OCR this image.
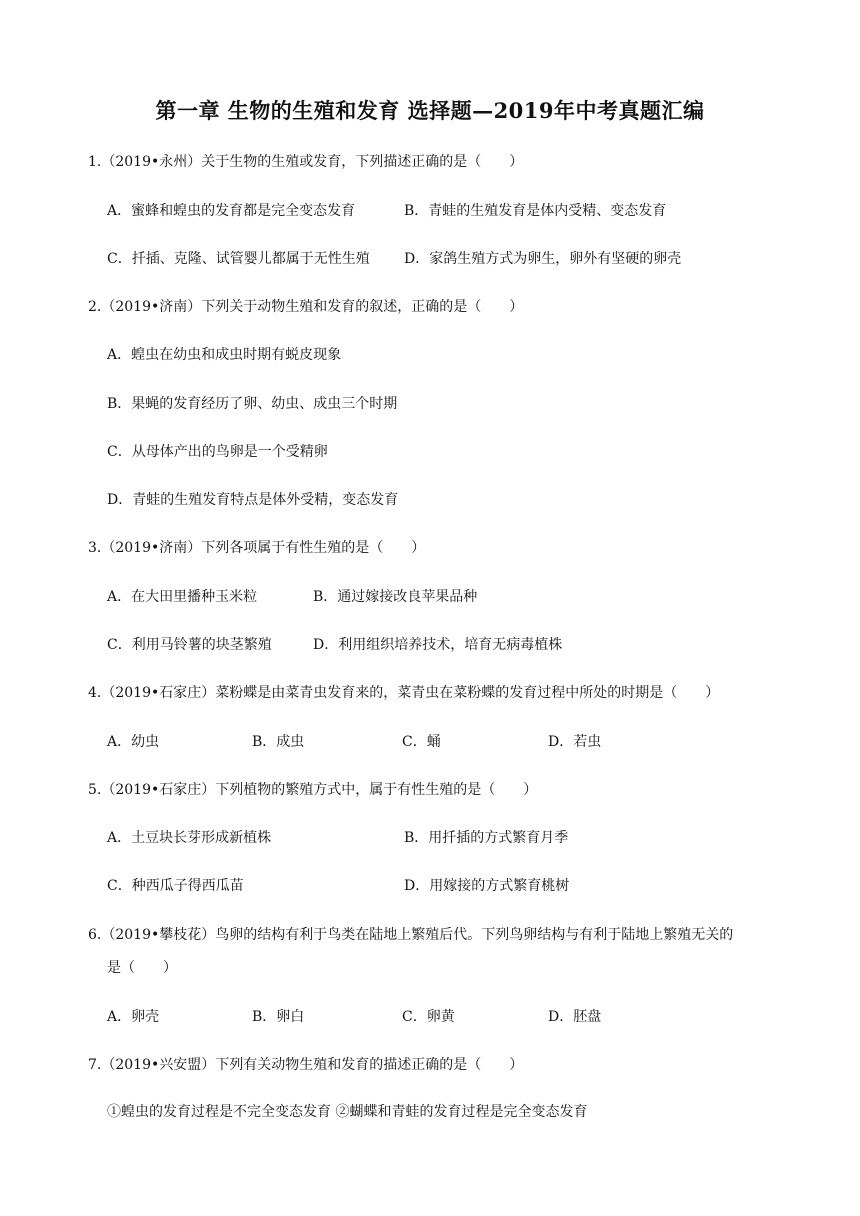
第一章 生物的生殖和发育 选择题—2019年中考真题汇编
1.（2019•永州）关于生物的生殖或发育，下列描述正确的是（　　）
A．蜜蜂和蝗虫的发育都是完全变态发育	B．青蛙的生殖发育是体内受精、变态发育
C．扦插、克隆、试管婴儿都属于无性生殖 D．家鸽生殖方式为卵生，卵外有坚硬的卵壳
2.（2019•济南）下列关于动物生殖和发育的叙述，正确的是（　　）
A．蝗虫在幼虫和成虫时期有蜕皮现象
B．果蝇的发育经历了卵、幼虫、成虫三个时期
C．从母体产出的鸟卵是一个受精卵
D．青蛙的生殖发育特点是体外受精，变态发育
3.（2019•济南）下列各项属于有性生殖的是（　　）
A．在大田里播种玉米粒	B．通过嫁接改良苹果品种
C．利用马铃薯的块茎繁殖	D．利用组织培养技术，培育无病毒植株
4.（2019•石家庄）菜粉蝶是由菜青虫发育来的，菜青虫在菜粉蝶的发育过程中所处的时期是（　　）
A．幼虫	B．成虫	C．蛹	D．若虫
5.（2019•石家庄）下列植物的繁殖方式中，属于有性生殖的是（　　）
A．土豆块长芽形成新植株	B．用扦插的方式繁育月季
C．种西瓜子得西瓜苗	D．用嫁接的方式繁育桃树
6.（2019•攀枝花）鸟卵的结构有利于鸟类在陆地上繁殖后代。下列鸟卵结构与有利于陆地上繁殖无关的
是（　　）
A．卵壳	B．卵白	C．卵黄	D．胚盘
7.（2019•兴安盟）下列有关动物生殖和发育的描述正确的是（　　）
①蝗虫的发育过程是不完全变态发育 ②蝴蝶和青蛙的发育过程是完全变态发育
